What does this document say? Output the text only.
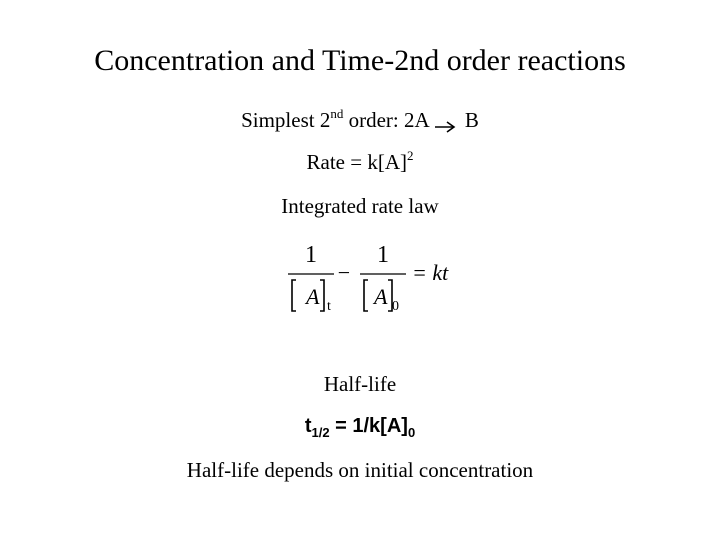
Concentration and Time-2nd order reactions
Simplest 2nd order: 2A B
Rate = $k[A]^2$
Integrated rate law
1
A t
−
1
A 0
= kt
Half-life
$t_{1/2} = 1/k[A]_0$
Half-life depends on initial concentration
